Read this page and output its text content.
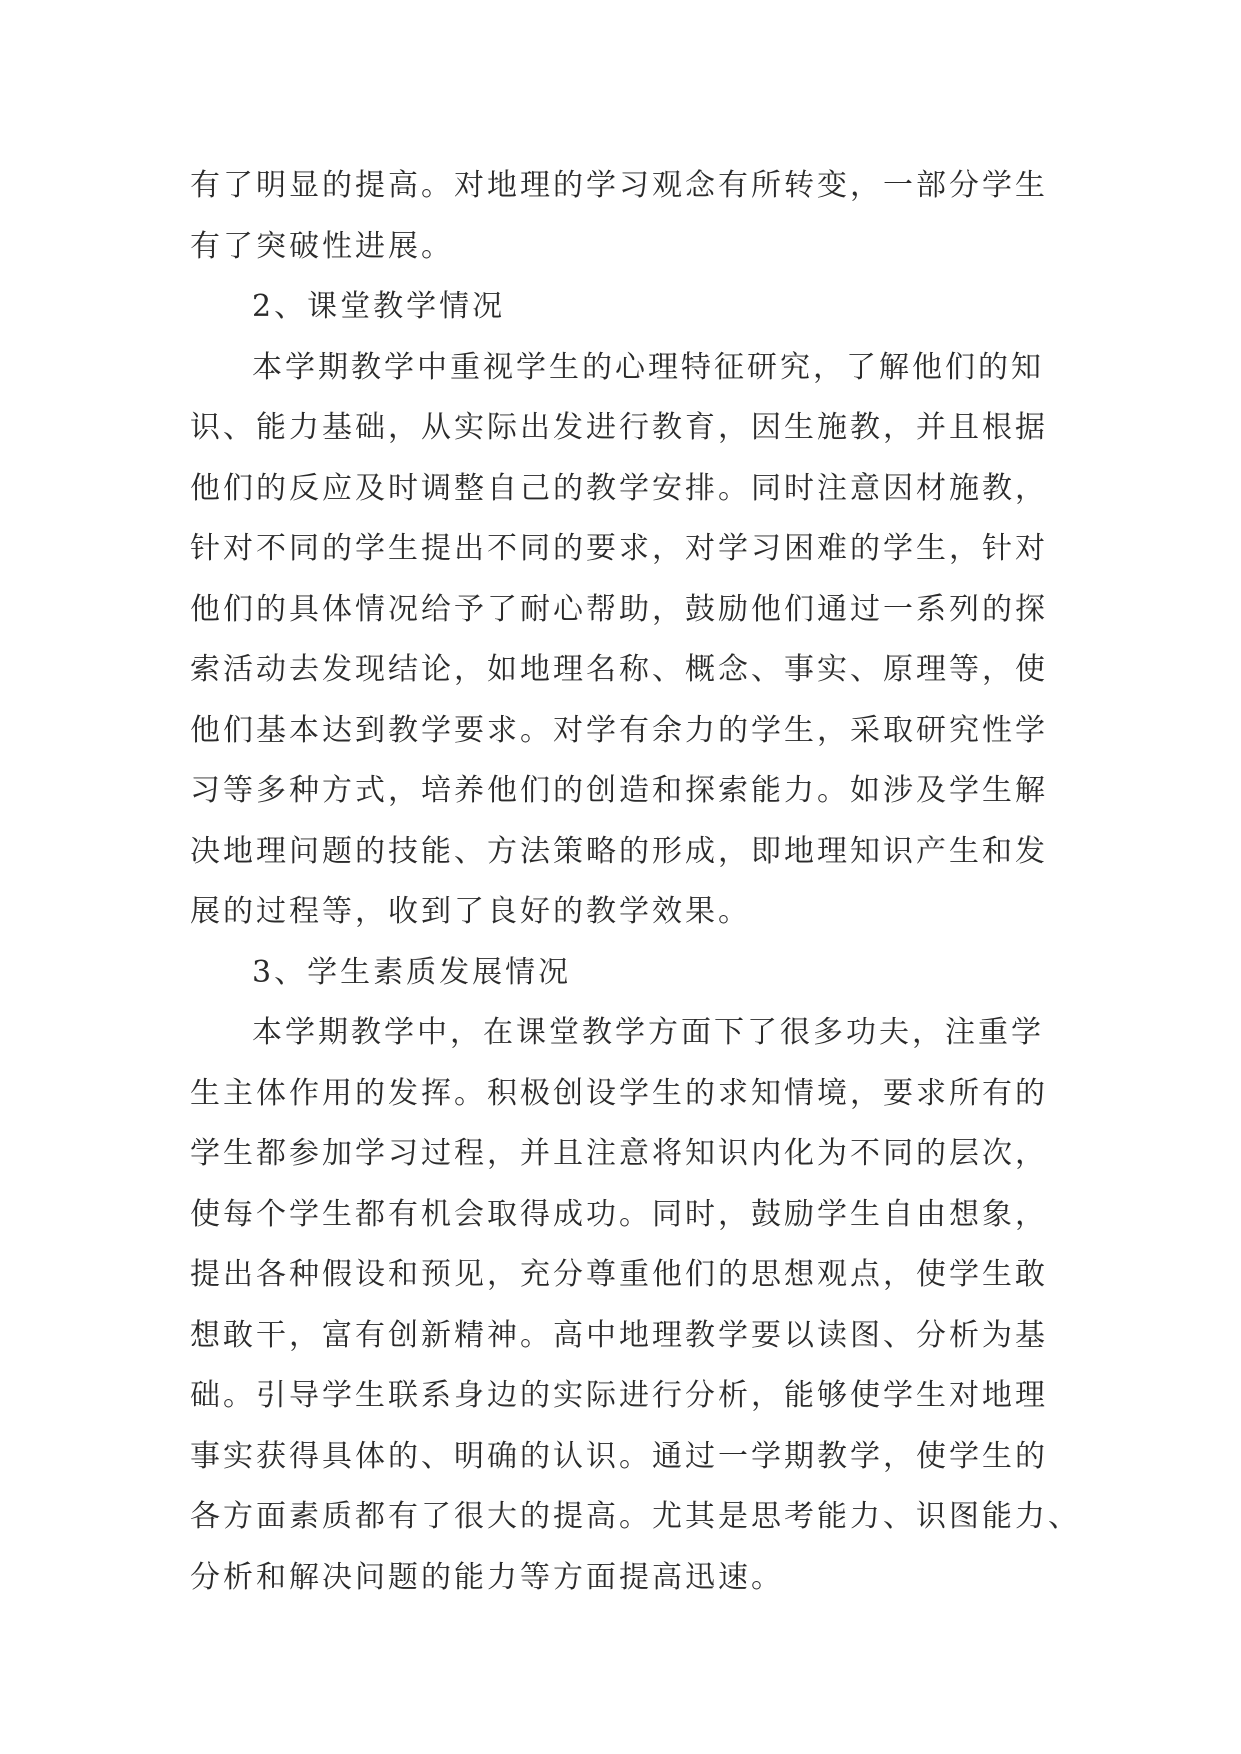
有了明显的提高。对地理的学习观念有所转变，一部分学生
有了突破性进展。
2、课堂教学情况
本学期教学中重视学生的心理特征研究，了解他们的知
识、能力基础，从实际出发进行教育，因生施教，并且根据
他们的反应及时调整自己的教学安排。同时注意因材施教，
针对不同的学生提出不同的要求，对学习困难的学生，针对
他们的具体情况给予了耐心帮助，鼓励他们通过一系列的探
索活动去发现结论，如地理名称、概念、事实、原理等，使
他们基本达到教学要求。对学有余力的学生，采取研究性学
习等多种方式，培养他们的创造和探索能力。如涉及学生解
决地理问题的技能、方法策略的形成，即地理知识产生和发
展的过程等，收到了良好的教学效果。
3、学生素质发展情况
本学期教学中，在课堂教学方面下了很多功夫，注重学
生主体作用的发挥。积极创设学生的求知情境，要求所有的
学生都参加学习过程，并且注意将知识内化为不同的层次，
使每个学生都有机会取得成功。同时，鼓励学生自由想象，
提出各种假设和预见，充分尊重他们的思想观点，使学生敢
想敢干，富有创新精神。高中地理教学要以读图、分析为基
础。引导学生联系身边的实际进行分析，能够使学生对地理
事实获得具体的、明确的认识。通过一学期教学，使学生的
各方面素质都有了很大的提高。尤其是思考能力、识图能力、
分析和解决问题的能力等方面提高迅速。
